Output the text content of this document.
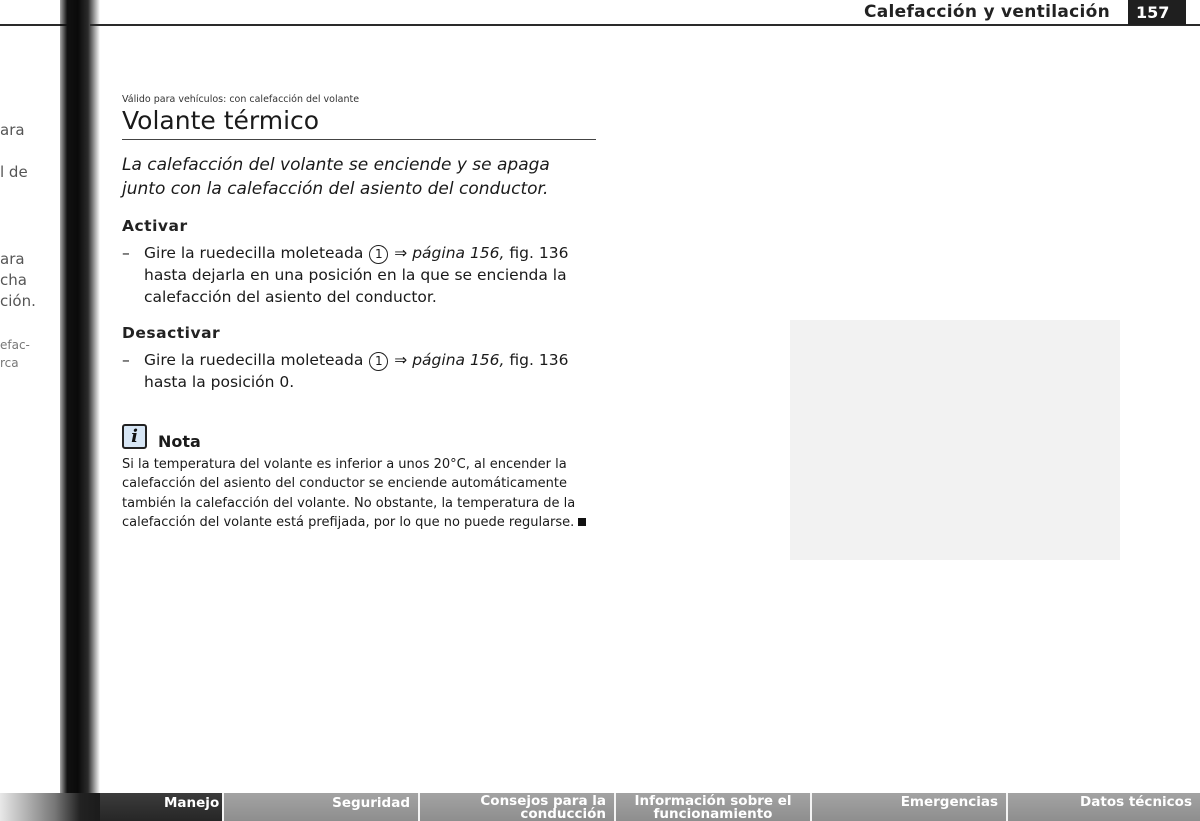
ara
l de
ara
cha
ción.
efac-
rca
Calefacción y ventilación	157
Válido para vehículos: con calefacción del volante
Volante térmico
La calefacción del volante se enciende y se apaga junto con la calefacción del asiento del conductor.
Activar
– Gire la ruedecilla moleteada 1 ⇒ página 156, fig. 136 hasta dejarla en una posición en la que se encienda la calefacción del asiento del conductor.
Desactivar
– Gire la ruedecilla moleteada 1 ⇒ página 156, fig. 136 hasta la posición 0.
i	Nota
Si la temperatura del volante es inferior a unos 20°C, al encender la calefacción del asiento del conductor se enciende automáticamente también la calefacción del volante. No obstante, la temperatura de la calefacción del volante está prefijada, por lo que no puede regularse.
Manejo	Seguridad	Consejos para la conducción
Información sobre el funcionamiento
Emergencias	Datos técnicos
